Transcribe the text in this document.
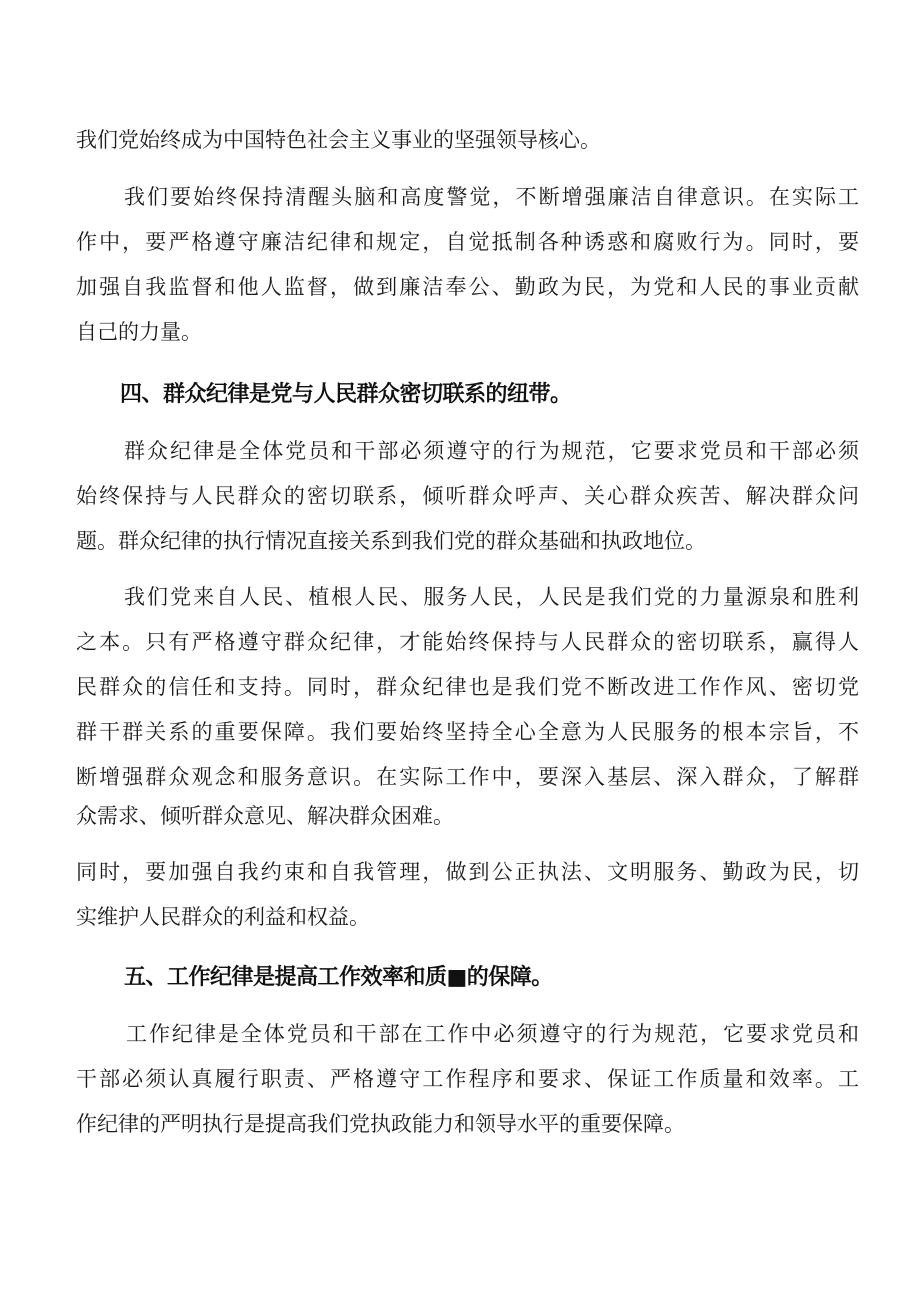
我们党始终成为中国特色社会主义事业的坚强领导核心。
我们要始终保持清醒头脑和高度警觉，不断增强廉洁自律意识。在实际工
作中，要严格遵守廉洁纪律和规定，自觉抵制各种诱惑和腐败行为。同时，要
加强自我监督和他人监督，做到廉洁奉公、勤政为民，为党和人民的事业贡献
自己的力量。
四、群众纪律是党与人民群众密切联系的纽带。
群众纪律是全体党员和干部必须遵守的行为规范，它要求党员和干部必须
始终保持与人民群众的密切联系，倾听群众呼声、关心群众疾苦、解决群众问
题。群众纪律的执行情况直接关系到我们党的群众基础和执政地位。
我们党来自人民、植根人民、服务人民，人民是我们党的力量源泉和胜利
之本。只有严格遵守群众纪律，才能始终保持与人民群众的密切联系，赢得人
民群众的信任和支持。同时，群众纪律也是我们党不断改进工作作风、密切党
群干群关系的重要保障。我们要始终坚持全心全意为人民服务的根本宗旨，不
断增强群众观念和服务意识。在实际工作中，要深入基层、深入群众，了解群
众需求、倾听群众意见、解决群众困难。
同时，要加强自我约束和自我管理，做到公正执法、文明服务、勤政为民，切
实维护人民群众的利益和权益。
五、工作纪律是提高工作效率和质■的保障。
工作纪律是全体党员和干部在工作中必须遵守的行为规范，它要求党员和
干部必须认真履行职责、严格遵守工作程序和要求、保证工作质量和效率。工
作纪律的严明执行是提高我们党执政能力和领导水平的重要保障。
